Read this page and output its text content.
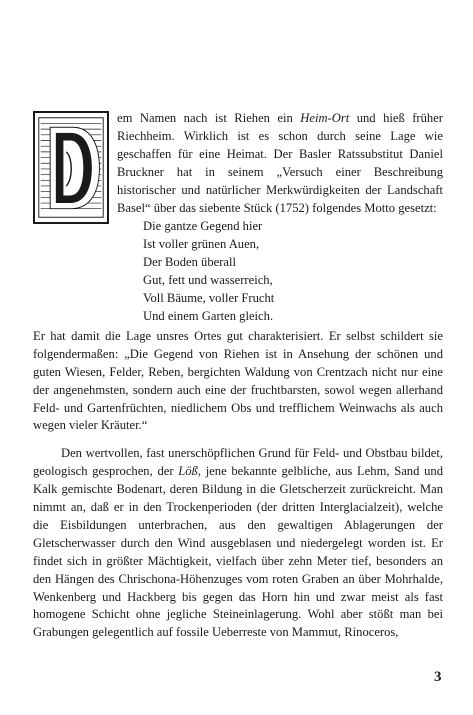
em Namen nach ist Riehen ein Heim-Ort und hieß früher Riechheim. Wirklich ist es schon durch seine Lage wie geschaffen für eine Heimat. Der Basler Ratssubstitut Daniel Bruckner hat in seinem „Versuch einer Beschreibung historischer und natürlicher Merkwürdigkeiten der Landschaft Basel“ über das siebente Stück (1752) folgendes Motto gesetzt:

Die gantze Gegend hier
Ist voller grünen Auen,
Der Boden überall
Gut, fett und wasserreich,
Voll Bäume, voller Frucht
Und einem Garten gleich.

Er hat damit die Lage unsres Ortes gut charakterisiert. Er selbst schildert sie folgendermaßen: „Die Gegend von Riehen ist in Ansehung der schönen und guten Wiesen, Felder, Reben, bergichten Waldung von Crentzach nicht nur eine der angenehmsten, sondern auch eine der fruchtbarsten, sowol wegen allerhand Feld- und Gartenfrüchten, niedlichem Obs und trefflichem Weinwachs als auch wegen vieler Kräuter.“

Den wertvollen, fast unerschöpflichen Grund für Feld- und Obstbau bildet, geologisch gesprochen, der Löß, jene bekannte gelbliche, aus Lehm, Sand und Kalk gemischte Bodenart, deren Bildung in die Gletscherzeit zurückreicht. Man nimmt an, daß er in den Trockenperioden (der dritten Interglacialzeit), welche die Eisbildungen unterbrachen, aus den gewaltigen Ablagerungen der Gletscherwasser durch den Wind ausgeblasen und niedergelegt worden ist. Er findet sich in größter Mächtigkeit, vielfach über zehn Meter tief, besonders an den Hängen des Chrischona-Höhenzuges vom roten Graben an über Mohrhalde, Wenkenberg und Hackberg bis gegen das Horn hin und zwar meist als fast homogene Schicht ohne jegliche Steineinlagerung. Wohl aber stößt man bei Grabungen gelegentlich auf fossile Ueberreste von Mammut, Rinoceros,

3
